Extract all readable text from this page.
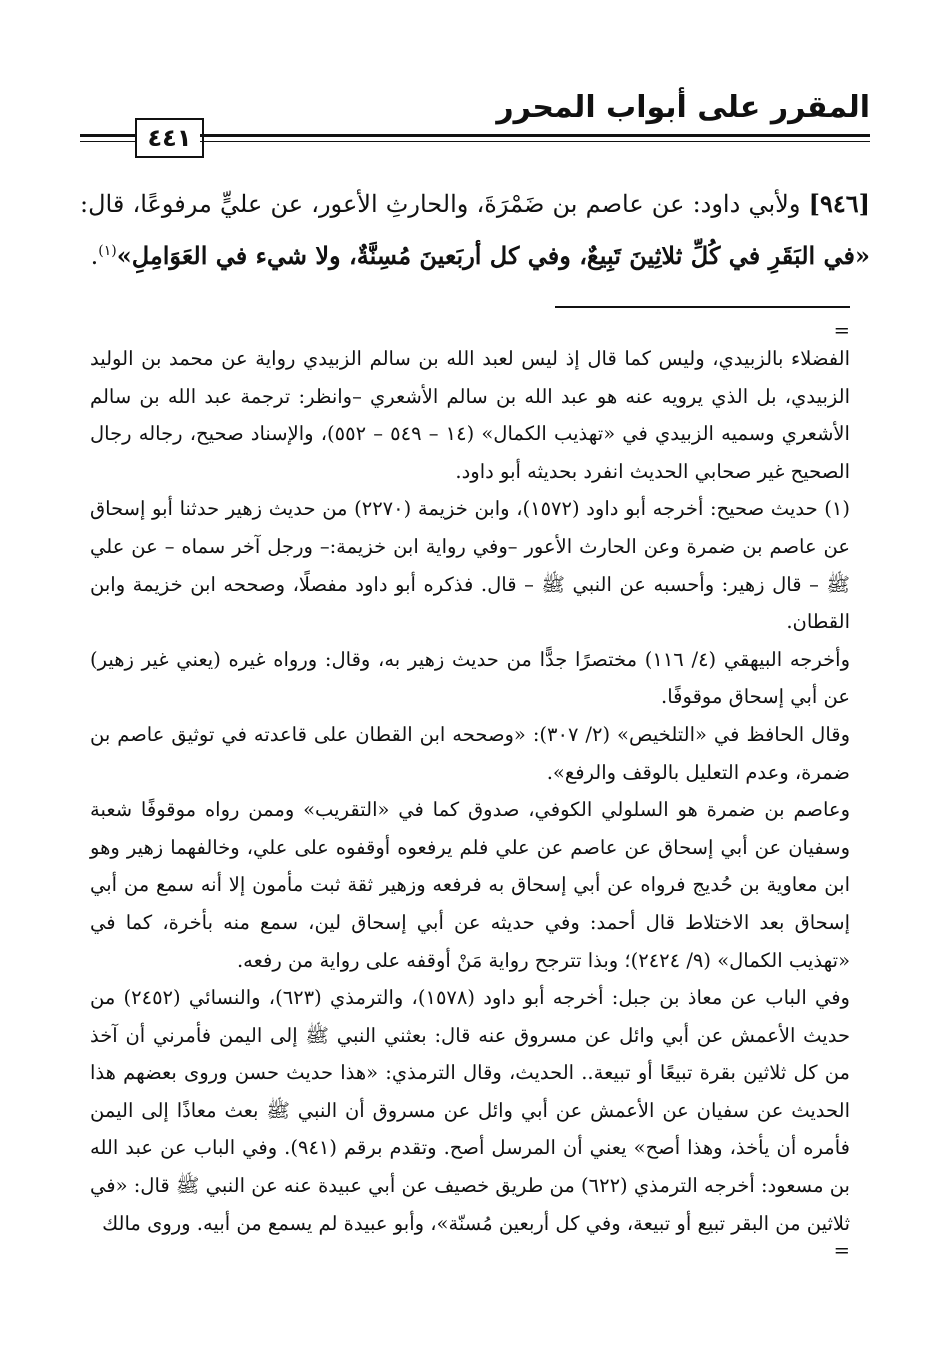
المقرر على أبواب المحرر
٤٤١

[٩٤٦] ولأبي داود: عن عاصم بن ضَمْرَةَ، والحارثِ الأعور، عن عليٍّ مرفوعًا، قال: «في البَقَرِ في كُلِّ ثلاثِينَ تَبِيعٌ، وفي كل أربَعينَ مُسِنَّةٌ، ولا شيء في العَوَامِلِ»$^{(١)}$.

=

الفضلاء بالزبيدي، وليس كما قال إذ ليس لعبد الله بن سالم الزبيدي رواية عن محمد بن الوليد الزبيدي، بل الذي يرويه عنه هو عبد الله بن سالم الأشعري –وانظر: ترجمة عبد الله بن سالم الأشعري وسميه الزبيدي في «تهذيب الكمال» (١٤ – ٥٤٩ – ٥٥٢)، والإسناد صحيح، رجاله رجال الصحيح غير صحابي الحديث انفرد بحديثه أبو داود.

(١) حديث صحيح: أخرجه أبو داود (١٥٧٢)، وابن خزيمة (٢٢٧٠) من حديث زهير حدثنا أبو إسحاق عن عاصم بن ضمرة وعن الحارث الأعور –وفي رواية ابن خزيمة:– ورجل آخر سماه – عن علي ﷺ – قال زهير: وأحسبه عن النبي ﷺ – قال. فذكره أبو داود مفصلًا، وصححه ابن خزيمة وابن القطان.

وأخرجه البيهقي (٤/ ١١٦) مختصرًا جدًّا من حديث زهير به، وقال: ورواه غيره (يعني غير زهير) عن أبي إسحاق موقوفًا.

وقال الحافظ في «التلخيص» (٢/ ٣٠٧): «وصححه ابن القطان على قاعدته في توثيق عاصم بن ضمرة، وعدم التعليل بالوقف والرفع».

وعاصم بن ضمرة هو السلولي الكوفي، صدوق كما في «التقريب» وممن رواه موقوفًا شعبة وسفيان عن أبي إسحاق عن عاصم عن علي فلم يرفعوه أوقفوه على علي، وخالفهما زهير وهو ابن معاوية بن حُديج فرواه عن أبي إسحاق به فرفعه وزهير ثقة ثبت مأمون إلا أنه سمع من أبي إسحاق بعد الاختلاط قال أحمد: وفي حديثه عن أبي إسحاق لين، سمع منه بأخرة، كما في «تهذيب الكمال» (٩/ ٢٤٢٤)؛ وبذا تترجح رواية مَنْ أوقفه على رواية من رفعه.

وفي الباب عن معاذ بن جبل: أخرجه أبو داود (١٥٧٨)، والترمذي (٦٢٣)، والنسائي (٢٤٥٢) من حديث الأعمش عن أبي وائل عن مسروق عنه قال: بعثني النبي ﷺ إلى اليمن فأمرني أن آخذ من كل ثلاثين بقرة تبيعًا أو تبيعة.. الحديث، وقال الترمذي: «هذا حديث حسن وروى بعضهم هذا الحديث عن سفيان عن الأعمش عن أبي وائل عن مسروق أن النبي ﷺ بعث معاذًا إلى اليمن فأمره أن يأخذ، وهذا أصح» يعني أن المرسل أصح. وتقدم برقم (٩٤١). وفي الباب عن عبد الله بن مسعود: أخرجه الترمذي (٦٢٢) من طريق خصيف عن أبي عبيدة عنه عن النبي ﷺ قال: «في ثلاثين من البقر تبيع أو تبيعة، وفي كل أربعين مُسنّة»، وأبو عبيدة لم يسمع من أبيه. وروى مالك

=
